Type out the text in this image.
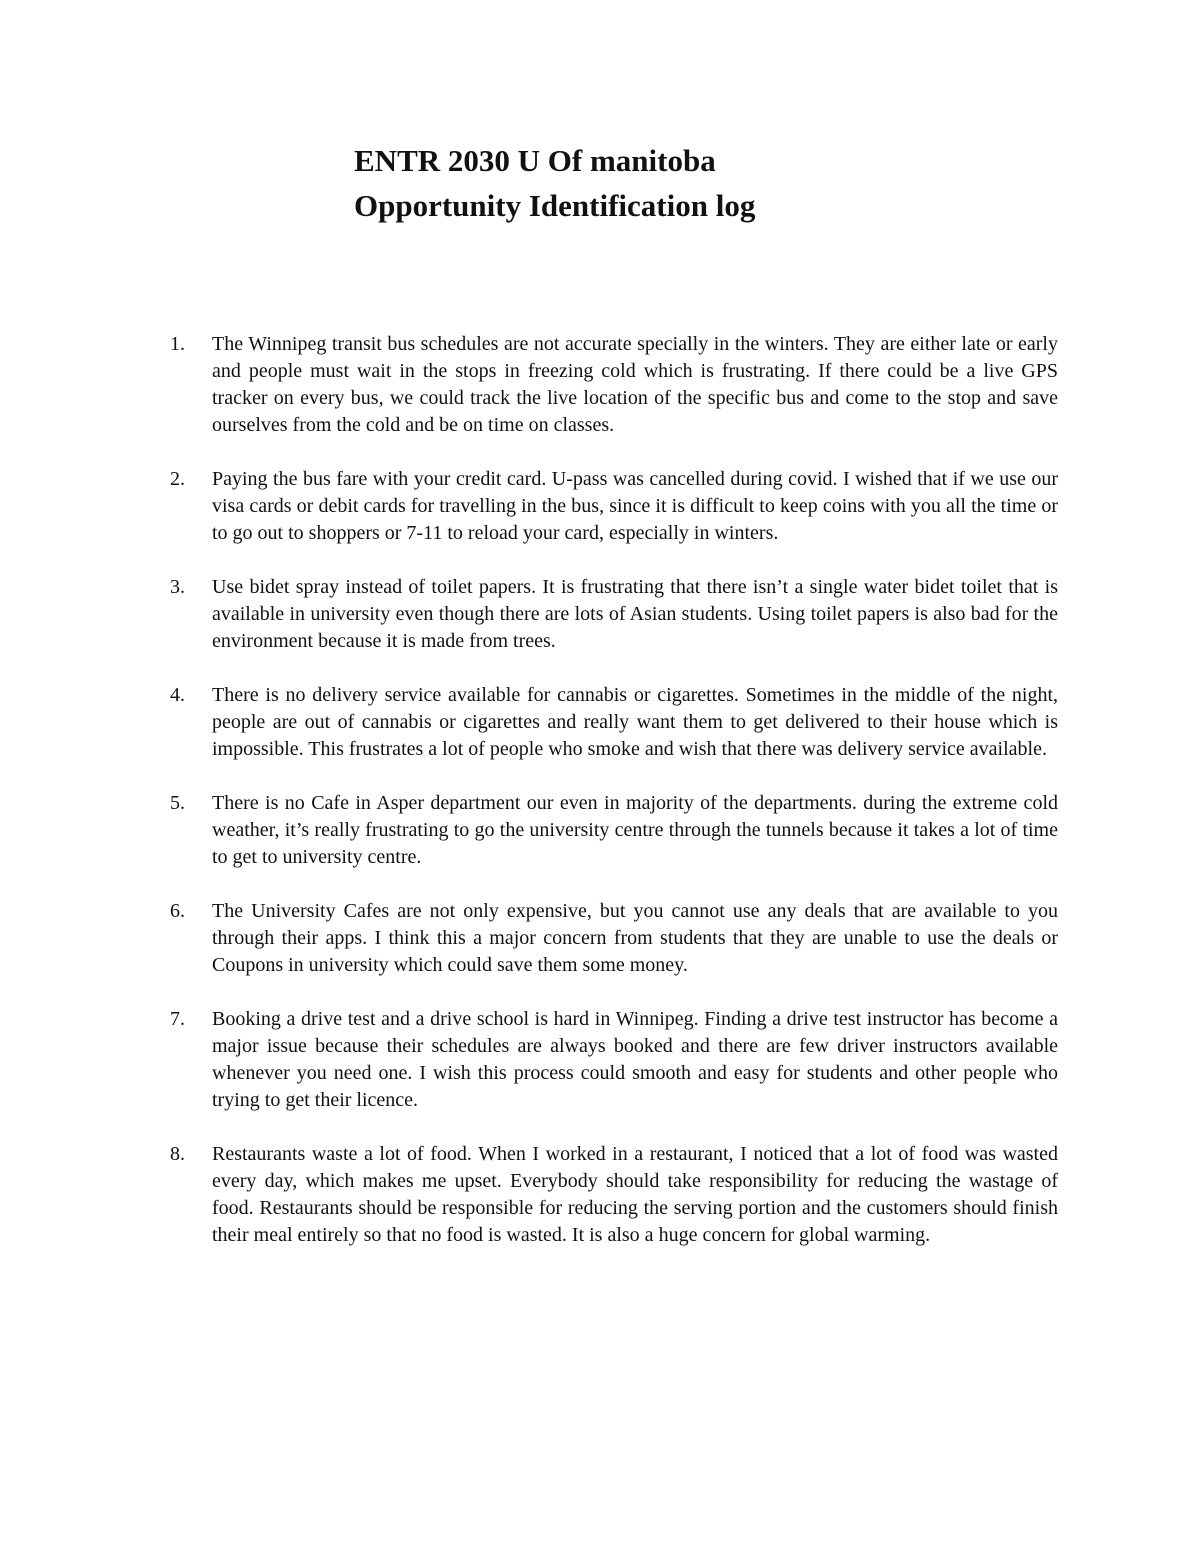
ENTR 2030 U Of manitoba

Opportunity Identification log

1.	The Winnipeg transit bus schedules are not accurate specially in the winters. They are either late or early and people must wait in the stops in freezing cold which is frustrating. If there could be a live GPS tracker on every bus, we could track the live location of the specific bus and come to the stop and save ourselves from the cold and be on time on classes.
2.	Paying the bus fare with your credit card. U-pass was cancelled during covid. I wished that if we use our visa cards or debit cards for travelling in the bus, since it is difficult to keep coins with you all the time or to go out to shoppers or 7-11 to reload your card, especially in winters.
3.	Use bidet spray instead of toilet papers. It is frustrating that there isn’t a single water bidet toilet that is available in university even though there are lots of Asian students. Using toilet papers is also bad for the environment because it is made from trees.
4.	There is no delivery service available for cannabis or cigarettes. Sometimes in the middle of the night, people are out of cannabis or cigarettes and really want them to get delivered to their house which is impossible. This frustrates a lot of people who smoke and wish that there was delivery service available.
5.	There is no Cafe in Asper department our even in majority of the departments. during the extreme cold weather, it’s really frustrating to go the university centre through the tunnels because it takes a lot of time to get to university centre.
6.	The University Cafes are not only expensive, but you cannot use any deals that are available to you through their apps. I think this a major concern from students that they are unable to use the deals or Coupons in university which could save them some money.
7.	Booking a drive test and a drive school is hard in Winnipeg. Finding a drive test instructor has become a major issue because their schedules are always booked and there are few driver instructors available whenever you need one. I wish this process could smooth and easy for students and other people who trying to get their licence.
8.	Restaurants waste a lot of food. When I worked in a restaurant, I noticed that a lot of food was wasted every day, which makes me upset. Everybody should take responsibility for reducing the wastage of food. Restaurants should be responsible for reducing the serving portion and the customers should finish their meal entirely so that no food is wasted. It is also a huge concern for global warming.
